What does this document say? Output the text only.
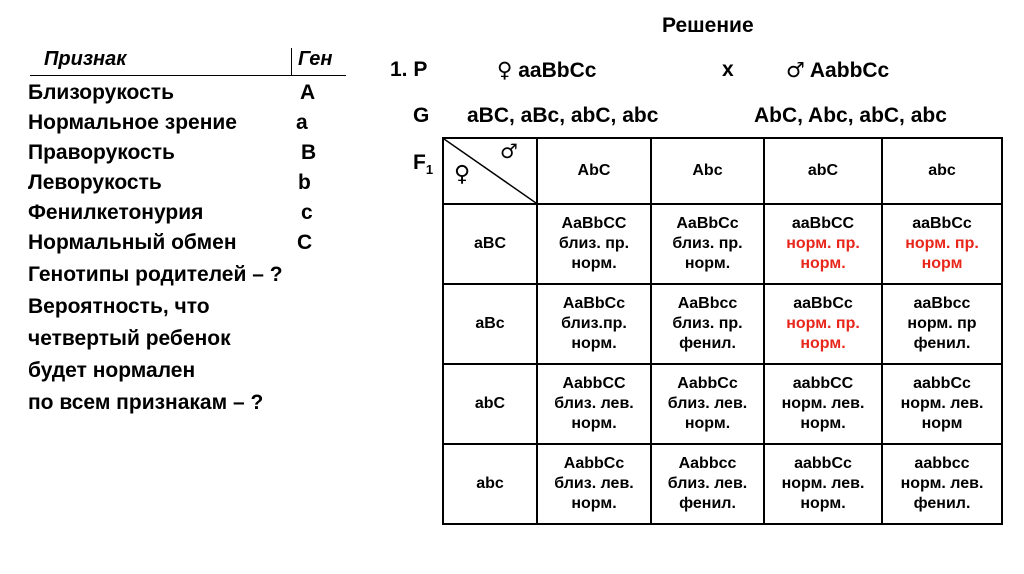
Признак	Ген
Близорукость	A
Нормальное зрение	a
Праворукость	B
Леворукость	b
Фенилкетонурия	c
Нормальный обмен	C
Генотипы родителей – ?
Вероятность, что
четвертый ребенок
будет нормален
по всем признакам – ?
Решение
1. P	♀ aaBbCc	х ♂ AabbCc
G aBC, aBc, abC, abc	AbC, Abc, abC, abc
$F_1$
♂
♀	AbC	Abc	abC	abc
aBC	AaBbCC
близ. пр.
норм.	AaBbCc
близ. пр.
норм.	aaBbCC
норм. пр.
норм.	aaBbCc
норм. пр.
норм

aBc	AaBbCc
близ.пр.
норм.	AaBbcc
близ. пр.
фенил.	aaBbCc
норм. пр.
норм.	aaBbcc
норм. пр
фенил.

abC	AabbCC
близ. лев.
норм.	AabbCc
близ. лев.
норм.	aabbCC
норм. лев.
норм.	aabbCc
норм. лев.
норм

abc	AabbCc
близ. лев.
норм.	Aabbcc
близ. лев.
фенил.	aabbCc
норм. лев.
норм.	aabbcc
норм. лев.
фенил.
